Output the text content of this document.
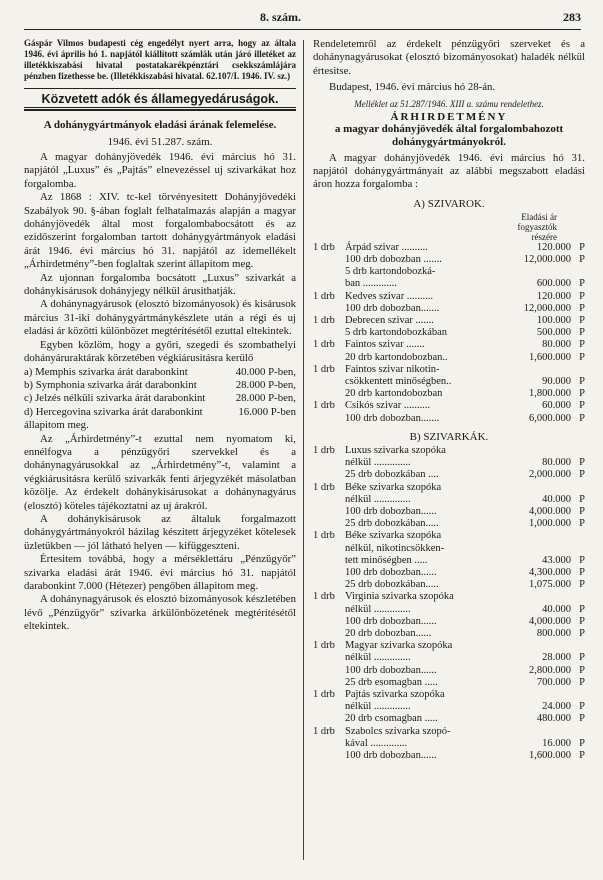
8. szám.	283

Gáspár Vilmos budapesti cég engedélyt nyert arra, hogy az általa 1946. évi április hó 1. napjától kiállított számlák után járó illetéket az illetékkiszabási hivatal postatakarékpénztári csekkszámlájára pénzben fizethesse be. (Illetékkiszabási hivatal. 62.107/I. 1946. IV. sz.)

Közvetett adók és államegyedáruságok.

A dohánygyártmányok eladási árának felemelése.

1946. évi 51.287. szám.

A magyar dohányjövedék 1946. évi március hó 31. napjától „Luxus” és „Pajtás” elnevezéssel uj szivarkákat hoz forgalomba.

Az 1868 : XIV. tc-kel törvényesitett Dohányjövedéki Szabályok 90. §-ában foglalt felhatalmazás alapján a magyar dohányjövedék által most forgalombabocsátott és az ezidőszerint forgalomban tartott dohánygyártmányok eladási árát 1946. évi március hó 31. napjától az idemellékelt „Árhirdetmény”-ben foglaltak szerint állapitom meg.

Az ujonnan forgalomba bocsátott „Luxus” szivarkát a dohánykisárusok dohányjegy nélkül árusithatják.

A dohánynagyárusok (elosztó bizományosok) és kisárusok március 31-iki dohánygyártmánykészlete után a régi és uj eladási ár közötti különbözet megtérítésétől ezuttal eltekintek.

Egyben közlöm, hogy a győri, szegedi és szombathelyi dohányáruraktárak körzetében végkiárusitásra kerülő

a) Memphis szivarka árát darabonkint	40.000 P-ben,
b) Symphonia szivarka árát darabonkint	28.000 P-ben,
c) Jelzés nélküli szivarka árát darabonkint	28.000 P-ben,
d) Hercegovina szivarka árát darabonkint	16.000 P-ben

állapitom meg.

Az „Árhirdetmény”-t ezuttal nem nyomatom ki, ennélfogva a pénzügyőri szervekkel és a dohánynagyárusokkal az „Árhirdetmény”-t, valamint a végkiárusitásra kerülő szivarkák fenti árjegyzékét másolatban közölje. Az érdekelt dohánykisárusokat a dohánynagyárus (elosztó) köteles tájékoztatni az uj árakról.

A dohánykisárusok az általuk forgalmazott dohánygyártmányokról házilag készitett árjegyzéket kötelesek üzletükben — jól látható helyen — kifüggeszteni.

Értesitem továbbá, hogy a mérséklettáru „Pénzügyőr” szivarka eladási árát 1946. évi március hó 31. napjától darabonkint 7.000 (Hétezer) pengőben állapitom meg.

A dohánynagyárusok és elosztó bizományosok készletében lévő „Pénzügyőr” szivarka árkülönbözetének megtérítésétől eltekintek.

Rendeletemről az érdekelt pénzügyőri szerveket és a dohánynagyárusokat (elosztó bizományosokat) haladék nélkül értesitse.

Budapest, 1946. évi március hó 28-án.

Melléklet az 51.287/1946. XIII a. számu rendelethez.

ÁRHIRDETMÉNY

a magyar dohányjövedék által forgalombahozott dohánygyártmányokról.

A magyar dohányjövedék 1946. évi március hó 31. napjától dohánygyártmányait az alábbi megszabott eladási áron hozza forgalomba :

A) SZIVAROK.

Eladási ár
fogyasztók
részére
1 drb Árpád szivar ..........	120.000 P
100 drb dobozban .......	12,000.000 P
5 drb kartondobozká-
ban .............	600.000 P
1 drb Kedves szivar ..........	120.000 P
100 drb dobozban.......	12,000.000 P
1 drb Debrecen szivar .......	100.000 P
5 drb kartondobozkában	500.000 P
1 drb Faintos szivar .......	80.000 P
20 drb kartondobozban..	1,600.000 P
1 drb Faintos szivar nikotin-
csökkentett minőségben..	90.000 P
20 drb kartondobozban	1,800.000 P
1 drb Csikós szivar ..........	60.000 P
100 drb dobozban.......	6,000.000 P

B) SZIVARKÁK.

1 drb Luxus szivarka szopóka
nélkül ..............	80.000 P
25 drb dobozkában ....	2,000.000 P
1 drb Béke szivarka szopóka
nélkül ..............	40.000 P
100 drb dobozban......	4,000.000 P
25 drb dobozkában.....	1,000.000 P
1 drb Béke szivarka szopóka
nélkül, nikotincsökken-
tett minőségben .....	43.000 P
100 drb dobozban......	4,300.000 P
25 drb dobozkában.....	1,075.000 P
1 drb Virginia szivarka szopóka
nélkül ..............	40.000 P
100 drb dobozban......	4,000.000 P
20 drb dobozban......	800.000 P
1 drb Magyar szivarka szopóka
nélkül ..............	28.000 P
100 drb dobozban......	2,800.000 P
25 drb esomagban .....	700.000 P
1 drb Pajtás szivarka szopóka
nélkül ..............	24.000 P
20 drb csomagban .....	480.000 P
1 drb Szabolcs szivarka szopó-
kával ..............	16.000 P
100 drb dobozban......	1,600.000 P
